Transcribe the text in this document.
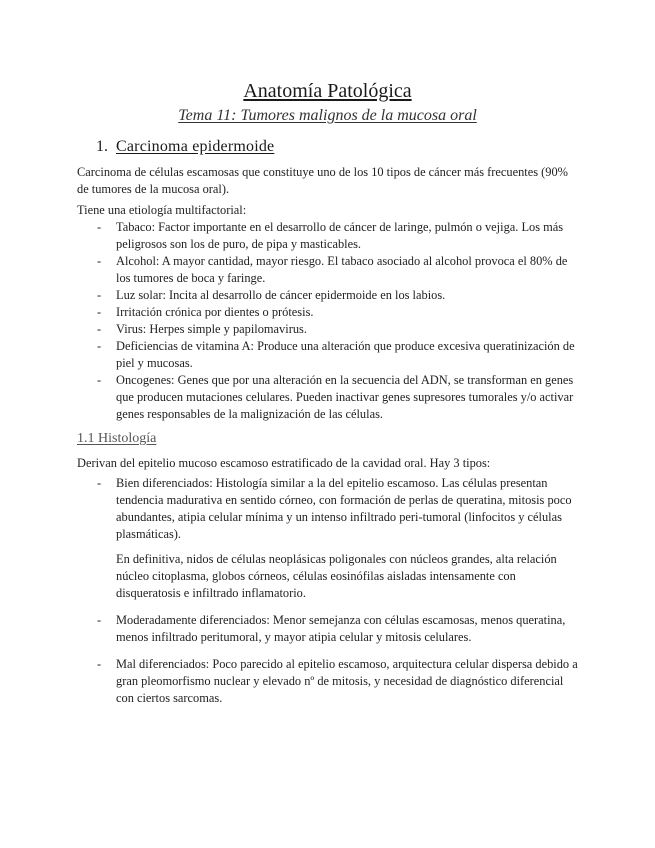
Anatomía Patológica
Tema 11: Tumores malignos de la mucosa oral
1. Carcinoma epidermoide
Carcinoma de células escamosas que constituye uno de los 10 tipos de cáncer más frecuentes (90% de tumores de la mucosa oral).
Tiene una etiología multifactorial:
- Tabaco: Factor importante en el desarrollo de cáncer de laringe, pulmón o vejiga. Los más peligrosos son los de puro, de pipa y masticables.
- Alcohol: A mayor cantidad, mayor riesgo. El tabaco asociado al alcohol provoca el 80% de los tumores de boca y faringe.
- Luz solar: Incita al desarrollo de cáncer epidermoide en los labios.
- Irritación crónica por dientes o prótesis.
- Virus: Herpes simple y papilomavirus.
- Deficiencias de vitamina A: Produce una alteración que produce excesiva queratinización de piel y mucosas.
- Oncogenes: Genes que por una alteración en la secuencia del ADN, se transforman en genes que producen mutaciones celulares. Pueden inactivar genes supresores tumorales y/o activar genes responsables de la malignización de las células.
1.1 Histología
Derivan del epitelio mucoso escamoso estratificado de la cavidad oral. Hay 3 tipos:
- Bien diferenciados: Histología similar a la del epitelio escamoso. Las células presentan tendencia madurativa en sentido córneo, con formación de perlas de queratina, mitosis poco abundantes, atipia celular mínima y un intenso infiltrado peri-tumoral (linfocitos y células plasmáticas).
En definitiva, nidos de células neoplásicas poligonales con núcleos grandes, alta relación núcleo citoplasma, globos córneos, células eosinófilas aisladas intensamente con disqueratosis e infiltrado inflamatorio.
- Moderadamente diferenciados: Menor semejanza con células escamosas, menos queratina, menos infiltrado peritumoral, y mayor atipia celular y mitosis celulares.
- Mal diferenciados: Poco parecido al epitelio escamoso, arquitectura celular dispersa debido a gran pleomorfismo nuclear y elevado nº de mitosis, y necesidad de diagnóstico diferencial con ciertos sarcomas.
